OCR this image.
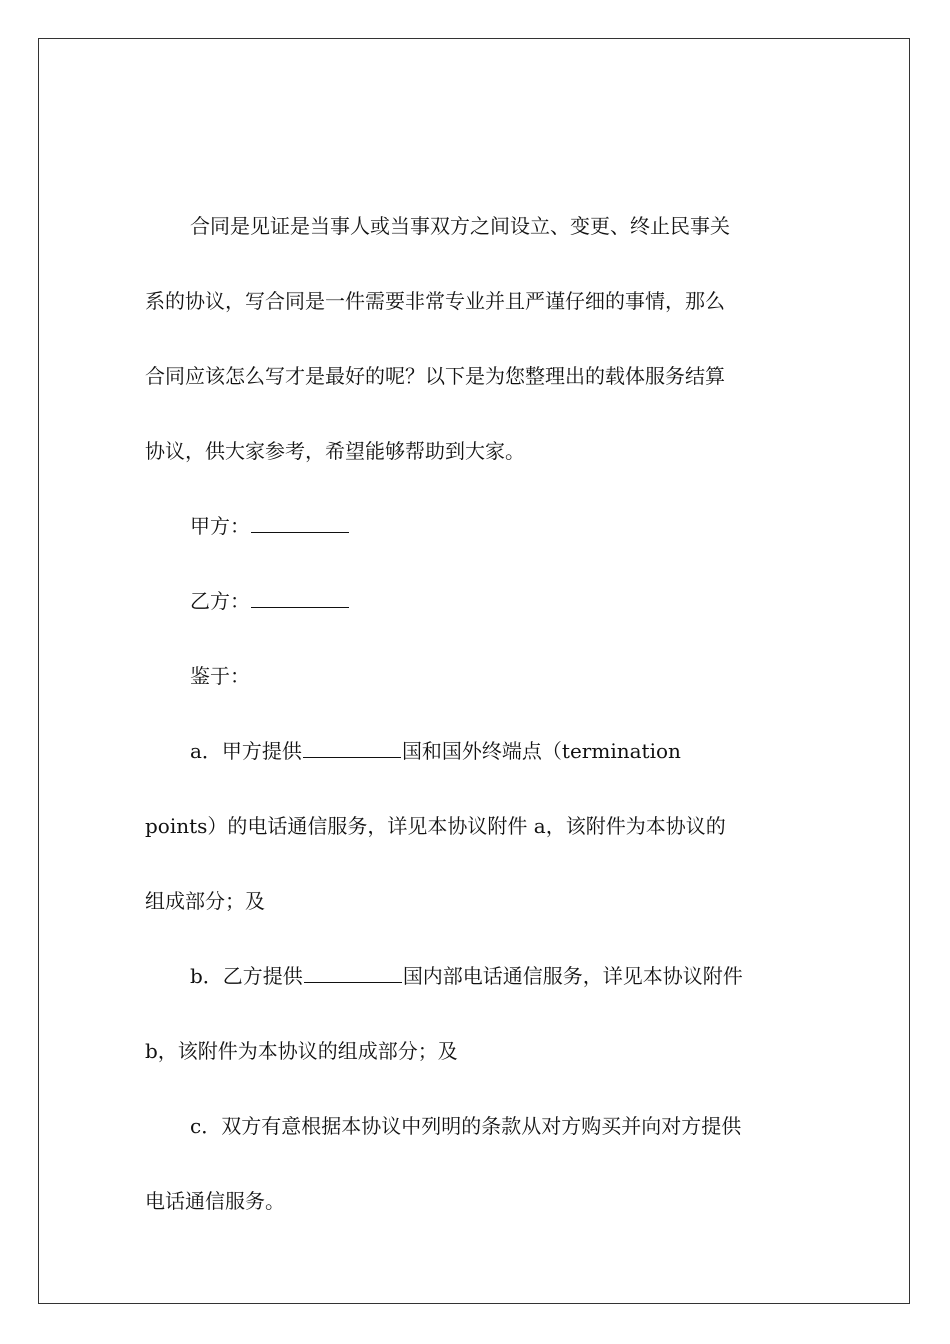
合同是见证是当事人或当事双方之间设立、变更、终止民事关
系的协议，写合同是一件需要非常专业并且严谨仔细的事情，那么
合同应该怎么写才是最好的呢？以下是为您整理出的载体服务结算
协议，供大家参考，希望能够帮助到大家。
甲方：
乙方：
鉴于：
a．甲方提供	国和国外终端点（termination
points）的电话通信服务，详见本协议附件 a，该附件为本协议的
组成部分；及
b．乙方提供	国内部电话通信服务，详见本协议附件
b，该附件为本协议的组成部分；及
c．双方有意根据本协议中列明的条款从对方购买并向对方提供
电话通信服务。
